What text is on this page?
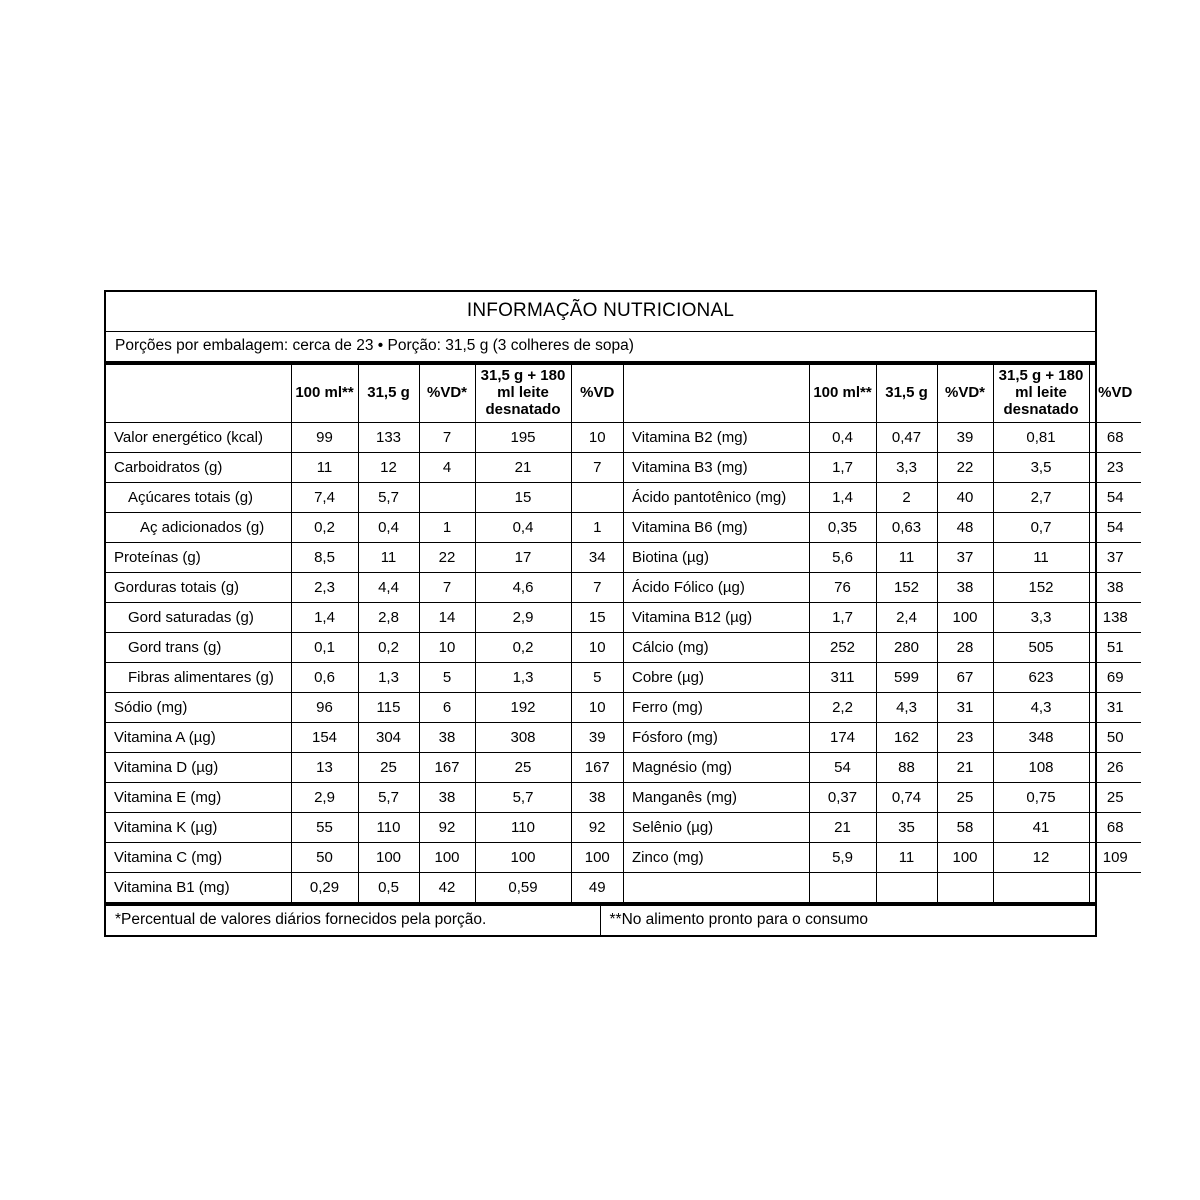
INFORMAÇÃO NUTRICIONAL
Porções por embalagem: cerca de 23 • Porção: 31,5 g (3 colheres de sopa)
	100 ml**	31,5 g	%VD*	31,5 g + 180 ml leite desnatado	%VD
Valor energético (kcal)	99	133	7	195	10
Carboidratos (g)	11	12	4	21	7
Açúcares totais (g)	7,4	5,7		15	
Aç adicionados (g)	0,2	0,4	1	0,4	1
Proteínas (g)	8,5	11	22	17	34
Gorduras totais (g)	2,3	4,4	7	4,6	7
Gord saturadas (g)	1,4	2,8	14	2,9	15
Gord trans (g)	0,1	0,2	10	0,2	10
Fibras alimentares (g)	0,6	1,3	5	1,3	5
Sódio (mg)	96	115	6	192	10
Vitamina A (µg)	154	304	38	308	39
Vitamina D (µg)	13	25	167	25	167
Vitamina E (mg)	2,9	5,7	38	5,7	38
Vitamina K (µg)	55	110	92	110	92
Vitamina C (mg)	50	100	100	100	100
Vitamina B1 (mg)	0,29	0,5	42	0,59	49
	100 ml**	31,5 g	%VD*	31,5 g + 180 ml leite desnatado	%VD
Vitamina B2 (mg)	0,4	0,47	39	0,81	68
Vitamina B3 (mg)	1,7	3,3	22	3,5	23
Ácido pantotênico (mg)	1,4	2	40	2,7	54
Vitamina B6 (mg)	0,35	0,63	48	0,7	54
Biotina (µg)	5,6	11	37	11	37
Ácido Fólico (µg)	76	152	38	152	38
Vitamina B12 (µg)	1,7	2,4	100	3,3	138
Cálcio (mg)	252	280	28	505	51
Cobre (µg)	311	599	67	623	69
Ferro (mg)	2,2	4,3	31	4,3	31
Fósforo (mg)	174	162	23	348	50
Magnésio (mg)	54	88	21	108	26
Manganês (mg)	0,37	0,74	25	0,75	25
Selênio (µg)	21	35	58	41	68
Zinco (mg)	5,9	11	100	12	109

*Percentual de valores diários fornecidos pela porção.	**No alimento pronto para o consumo
